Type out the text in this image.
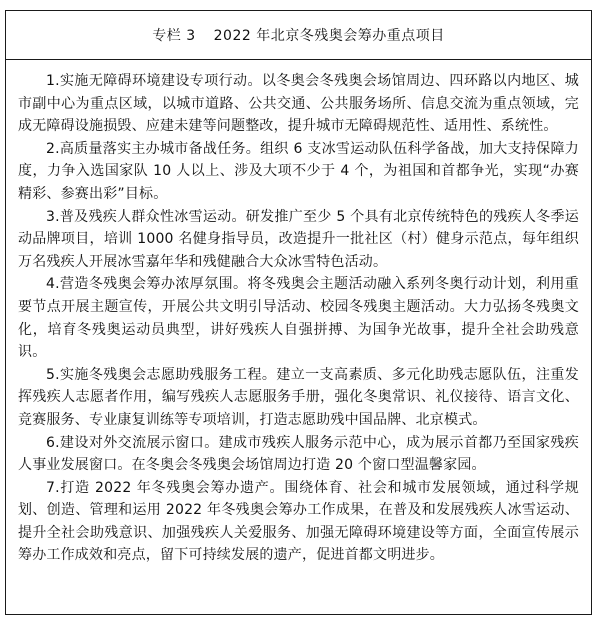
专栏 3 2022 年北京冬残奥会筹办重点项目

1.实施无障碍环境建设专项行动。以冬奥会冬残奥会场馆周边、四环路以内地区、城市副中心为重点区域，以城市道路、公共交通、公共服务场所、信息交流为重点领域，完成无障碍设施损毁、应建未建等问题整改，提升城市无障碍规范性、适用性、系统性。

2.高质量落实主办城市备战任务。组织 6 支冰雪运动队伍科学备战，加大支持保障力度，力争入选国家队 10 人以上、涉及大项不少于 4 个，为祖国和首都争光，实现“办赛精彩、参赛出彩”目标。

3.普及残疾人群众性冰雪运动。研发推广至少 5 个具有北京传统特色的残疾人冬季运动品牌项目，培训 1000 名健身指导员，改造提升一批社区（村）健身示范点，每年组织万名残疾人开展冰雪嘉年华和残健融合大众冰雪特色活动。

4.营造冬残奥会筹办浓厚氛围。将冬残奥会主题活动融入系列冬奥行动计划，利用重要节点开展主题宣传，开展公共文明引导活动、校园冬残奥主题活动。大力弘扬冬残奥文化，培育冬残奥运动员典型，讲好残疾人自强拼搏、为国争光故事，提升全社会助残意识。

5.实施冬残奥会志愿助残服务工程。建立一支高素质、多元化助残志愿队伍，注重发挥残疾人志愿者作用，编写残疾人志愿服务手册，强化冬奥常识、礼仪接待、语言文化、竞赛服务、专业康复训练等专项培训，打造志愿助残中国品牌、北京模式。

6.建设对外交流展示窗口。建成市残疾人服务示范中心，成为展示首都乃至国家残疾人事业发展窗口。在冬奥会冬残奥会场馆周边打造 20 个窗口型温馨家园。

7.打造 2022 年冬残奥会筹办遗产。围绕体育、社会和城市发展领域，通过科学规划、创造、管理和运用 2022 年冬残奥会筹办工作成果，在普及和发展残疾人冰雪运动、提升全社会助残意识、加强残疾人关爱服务、加强无障碍环境建设等方面，全面宣传展示筹办工作成效和亮点，留下可持续发展的遗产，促进首都文明进步。
